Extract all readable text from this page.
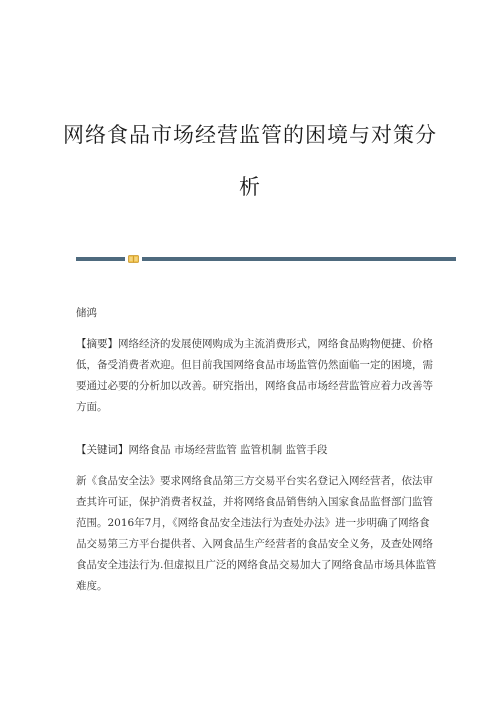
网络食品市场经营监管的困境与对策分
析
储鸿
【摘要】网络经济的发展使网购成为主流消费形式，网络食品购物便捷、价格
低，备受消费者欢迎。但目前我国网络食品市场监管仍然面临一定的困境，需
要通过必要的分析加以改善。研究指出，网络食品市场经营监管应着力改善等
方面。
【关键词】网络食品 市场经营监管 监管机制 监管手段
新《食品安全法》要求网络食品第三方交易平台实名登记入网经营者，依法审
查其许可证，保护消费者权益，并将网络食品销售纳入国家食品监督部门监管
范围。2016年7月，《网络食品安全违法行为查处办法》进一步明确了网络食
品交易第三方平台提供者、入网食品生产经营者的食品安全义务，及查处网络
食品安全违法行为.但虚拟且广泛的网络食品交易加大了网络食品市场具体监管
难度。
